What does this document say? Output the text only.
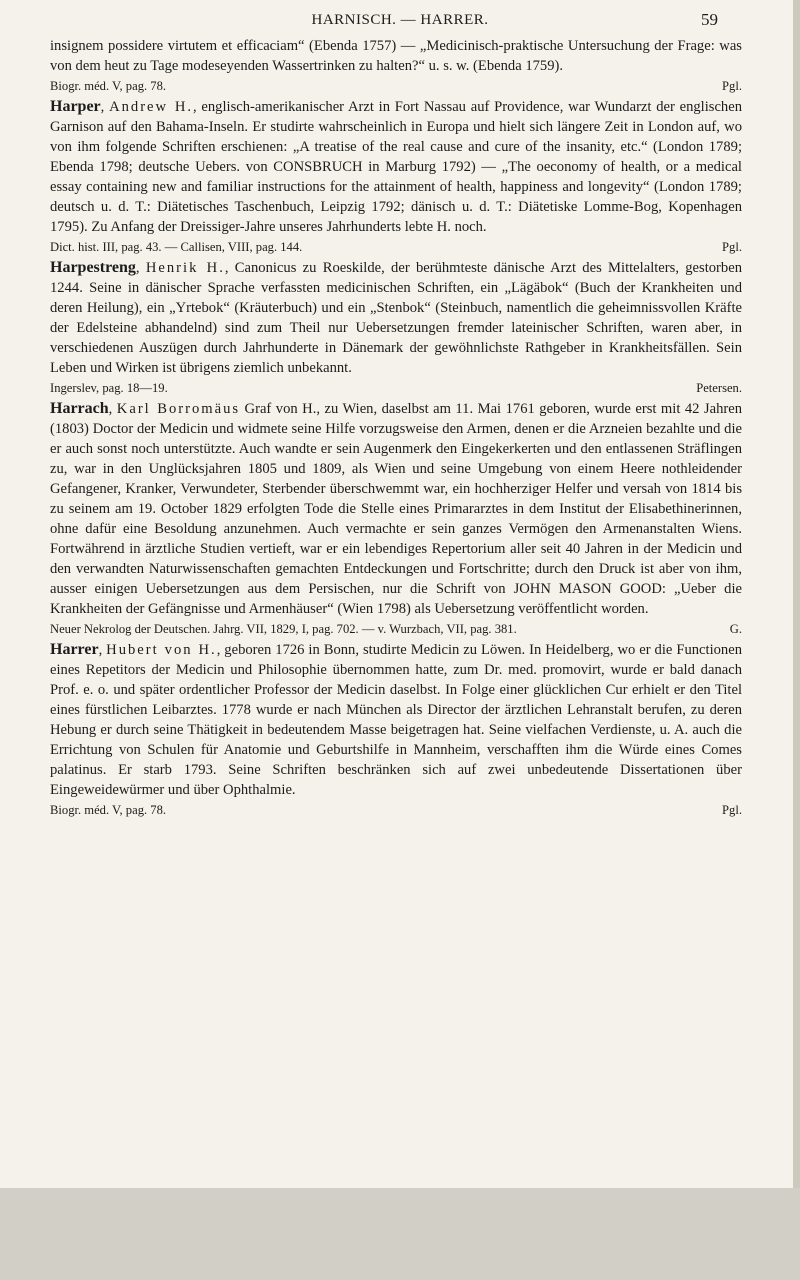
HARNISCH. — HARRER.	59

insignem possidere virtutem et efficaciam“ (Ebenda 1757) — „Medicinisch-praktische Untersuchung der Frage: was von dem heut zu Tage modeseyenden Wassertrinken zu halten?“ u. s. w. (Ebenda 1759).

Biogr. méd. V, pag. 78.	Pgl.

Harper, Andrew H., englisch-amerikanischer Arzt in Fort Nassau auf Providence, war Wundarzt der englischen Garnison auf den Bahama-Inseln. Er studirte wahrscheinlich in Europa und hielt sich längere Zeit in London auf, wo von ihm folgende Schriften erschienen: „A treatise of the real cause and cure of the insanity, etc.“ (London 1789; Ebenda 1798; deutsche Uebers. von CONSBRUCH in Marburg 1792) — „The oeconomy of health, or a medical essay containing new and familiar instructions for the attainment of health, happiness and longevity“ (London 1789; deutsch u. d. T.: Diätetisches Taschenbuch, Leipzig 1792; dänisch u. d. T.: Diätetiske Lomme-Bog, Kopenhagen 1795). Zu Anfang der Dreissiger-Jahre unseres Jahrhunderts lebte H. noch.

Dict. hist. III, pag. 43. — Callisen, VIII, pag. 144.	Pgl.

Harpestreng, Henrik H., Canonicus zu Roeskilde, der berühmteste dänische Arzt des Mittelalters, gestorben 1244. Seine in dänischer Sprache verfassten medicinischen Schriften, ein „Lägäbok“ (Buch der Krankheiten und deren Heilung), ein „Yrtebok“ (Kräuterbuch) und ein „Stenbok“ (Steinbuch, namentlich die geheimnissvollen Kräfte der Edelsteine abhandelnd) sind zum Theil nur Uebersetzungen fremder lateinischer Schriften, waren aber, in verschiedenen Auszügen durch Jahrhunderte in Dänemark der gewöhnlichste Rathgeber in Krankheitsfällen. Sein Leben und Wirken ist übrigens ziemlich unbekannt.

Ingerslev, pag. 18—19.	Petersen.

Harrach, Karl Borromäus Graf von H., zu Wien, daselbst am 11. Mai 1761 geboren, wurde erst mit 42 Jahren (1803) Doctor der Medicin und widmete seine Hilfe vorzugsweise den Armen, denen er die Arzneien bezahlte und die er auch sonst noch unterstützte. Auch wandte er sein Augenmerk den Eingekerkerten und den entlassenen Sträflingen zu, war in den Unglücksjahren 1805 und 1809, als Wien und seine Umgebung von einem Heere nothleidender Gefangener, Kranker, Verwundeter, Sterbender überschwemmt war, ein hochherziger Helfer und versah von 1814 bis zu seinem am 19. October 1829 erfolgten Tode die Stelle eines Primararztes in dem Institut der Elisabethinerinnen, ohne dafür eine Besoldung anzunehmen. Auch vermachte er sein ganzes Vermögen den Armenanstalten Wiens. Fortwährend in ärztliche Studien vertieft, war er ein lebendiges Repertorium aller seit 40 Jahren in der Medicin und den verwandten Naturwissenschaften gemachten Entdeckungen und Fortschritte; durch den Druck ist aber von ihm, ausser einigen Uebersetzungen aus dem Persischen, nur die Schrift von JOHN MASON GOOD: „Ueber die Krankheiten der Gefängnisse und Armenhäuser“ (Wien 1798) als Uebersetzung veröffentlicht worden.

Neuer Nekrolog der Deutschen. Jahrg. VII, 1829, I, pag. 702. — v. Wurzbach, VII, pag. 381.	G.

Harrer, Hubert von H., geboren 1726 in Bonn, studirte Medicin zu Löwen. In Heidelberg, wo er die Functionen eines Repetitors der Medicin und Philosophie übernommen hatte, zum Dr. med. promovirt, wurde er bald danach Prof. e. o. und später ordentlicher Professor der Medicin daselbst. In Folge einer glücklichen Cur erhielt er den Titel eines fürstlichen Leibarztes. 1778 wurde er nach München als Director der ärztlichen Lehranstalt berufen, zu deren Hebung er durch seine Thätigkeit in bedeutendem Masse beigetragen hat. Seine vielfachen Verdienste, u. A. auch die Errichtung von Schulen für Anatomie und Geburtshilfe in Mannheim, verschafften ihm die Würde eines Comes palatinus. Er starb 1793. Seine Schriften beschränken sich auf zwei unbedeutende Dissertationen über Eingeweidewürmer und über Ophthalmie.

Biogr. méd. V, pag. 78.	Pgl.
